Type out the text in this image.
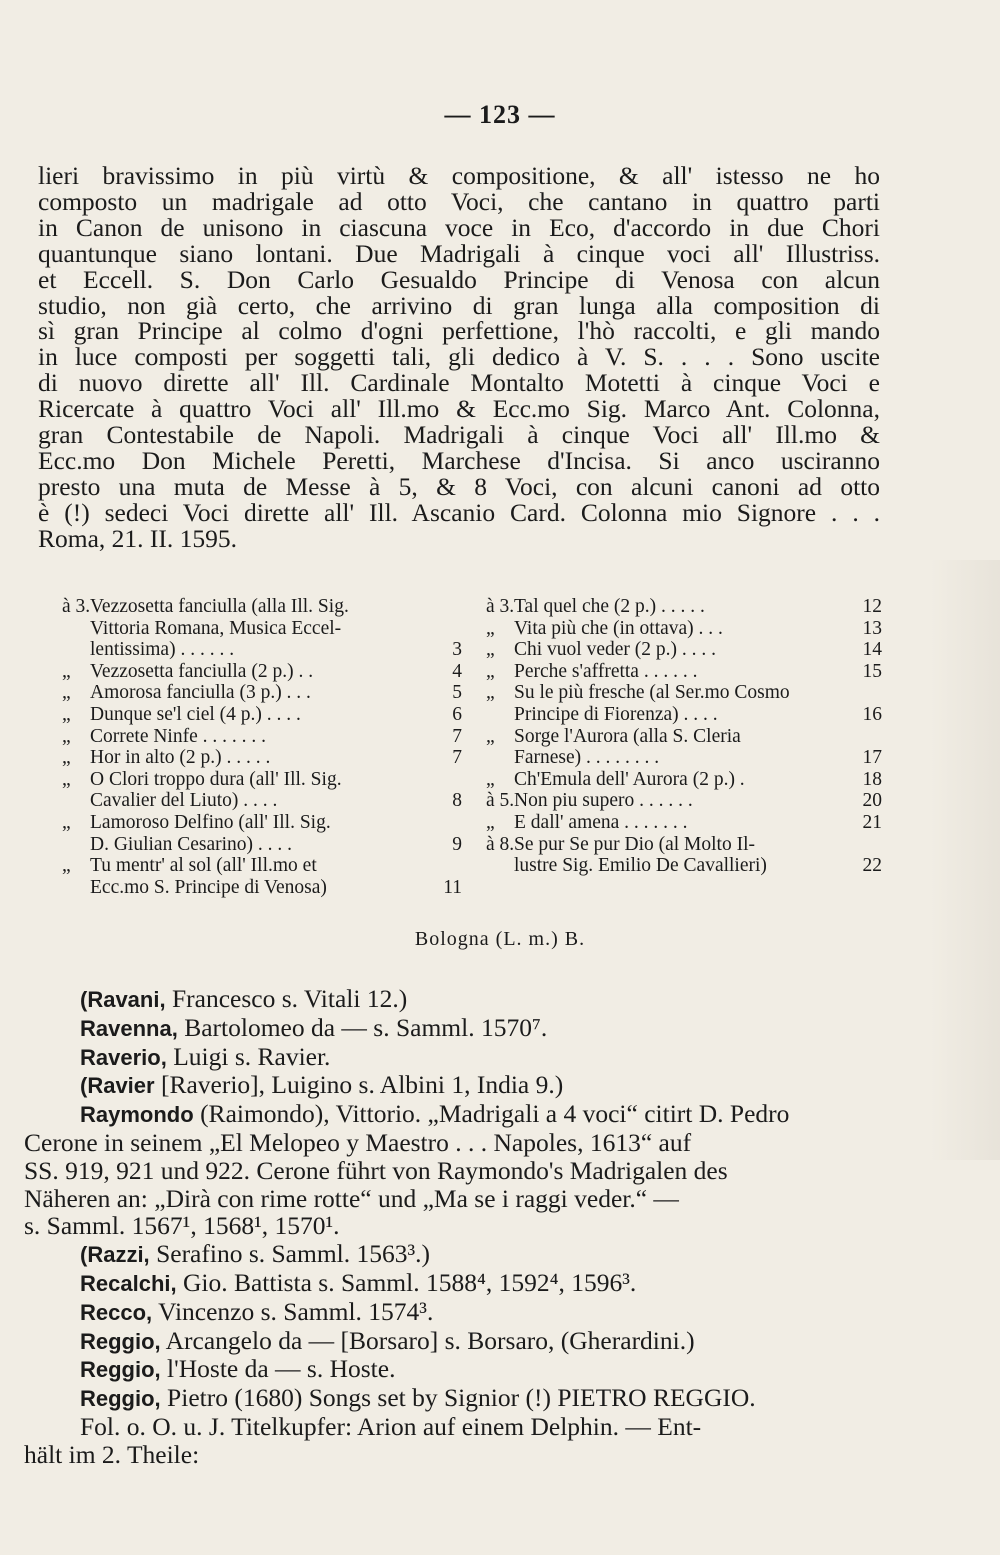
— 123 —

lieri bravissimo in più virtù & compositione, & all' istesso ne ho

composto un madrigale ad otto Voci, che cantano in quattro parti

in Canon de unisono in ciascuna voce in Eco, d'accordo in due Chori

quantunque siano lontani. Due Madrigali à cinque voci all' Illustriss.

et Eccell. S. Don Carlo Gesualdo Principe di Venosa con alcun

studio, non già certo, che arrivino di gran lunga alla composition di

sì gran Principe al colmo d'ogni perfettione, l'hò raccolti, e gli mando

in luce composti per soggetti tali, gli dedico à V. S. . . . Sono uscite

di nuovo dirette all' Ill. Cardinale Montalto Motetti à cinque Voci e

Ricercate à quattro Voci all' Ill.mo & Ecc.mo Sig. Marco Ant. Colonna,

gran Contestabile de Napoli. Madrigali à cinque Voci all' Ill.mo &

Ecc.mo Don Michele Peretti, Marchese d'Incisa. Si anco usciranno

presto una muta de Messe à 5, & 8 Voci, con alcuni canoni ad otto

è (!) sedeci Voci dirette all' Ill. Ascanio Card. Colonna mio Signore . . .

Roma, 21. II. 1595.

à 3. Vezzosetta fanciulla (alla Ill. Sig.
Vittoria Romana, Musica Eccel-
lentissima) . . . . . .	3
„ Vezzosetta fanciulla (2 p.) . .	4
„ Amorosa fanciulla (3 p.) . . .	5
„ Dunque se'l ciel (4 p.) . . . .	6
„ Correte Ninfe . . . . . . .	7
„ Hor in alto (2 p.) . . . . .	7
„ O Clori troppo dura (all' Ill. Sig.
Cavalier del Liuto) . . . .	8
„ Lamoroso Delfino (all' Ill. Sig.
D. Giulian Cesarino) . . . .	9
„ Tu mentr' al sol (all' Ill.mo et
Ecc.mo S. Principe di Venosa)	11
à 3. Tal quel che (2 p.) . . . . .	12
„ Vita più che (in ottava) . . .	13
„ Chi vuol veder (2 p.) . . . .	14
„ Perche s'affretta . . . . . .	15
„ Su le più fresche (al Ser.mo Cosmo
Principe di Fiorenza) . . . .	16
„ Sorge l'Aurora (alla S. Cleria
Farnese) . . . . . . . .	17
„ Ch'Emula dell' Aurora (2 p.) .	18
à 5. Non piu supero . . . . . .	20
„ E dall' amena . . . . . . .	21
à 8. Se pur Se pur Dio (al Molto Il-
lustre Sig. Emilio De Cavallieri)	22
Bologna (L. m.) B.

(Ravani, Francesco s. Vitali 12.)

Ravenna, Bartolomeo da — s. Samml. 1570⁷.

Raverio, Luigi s. Ravier.

(Ravier [Raverio], Luigino s. Albini 1, India 9.)

Raymondo (Raimondo), Vittorio. „Madrigali a 4 voci“ citirt D. Pedro

Cerone in seinem „El Melopeo y Maestro . . . Napoles, 1613“ auf

SS. 919, 921 und 922. Cerone führt von Raymondo's Madrigalen des

Näheren an: „Dirà con rime rotte“ und „Ma se i raggi veder.“ —

s. Samml. 1567¹, 1568¹, 1570¹.

(Razzi, Serafino s. Samml. 1563³.)

Recalchi, Gio. Battista s. Samml. 1588⁴, 1592⁴, 1596³.

Recco, Vincenzo s. Samml. 1574³.

Reggio, Arcangelo da — [Borsaro] s. Borsaro, (Gherardini.)

Reggio, l'Hoste da — s. Hoste.

Reggio, Pietro (1680) Songs set by Signior (!) PIETRO REGGIO.

Fol. o. O. u. J. Titelkupfer: Arion auf einem Delphin. — Ent-

hält im 2. Theile:
